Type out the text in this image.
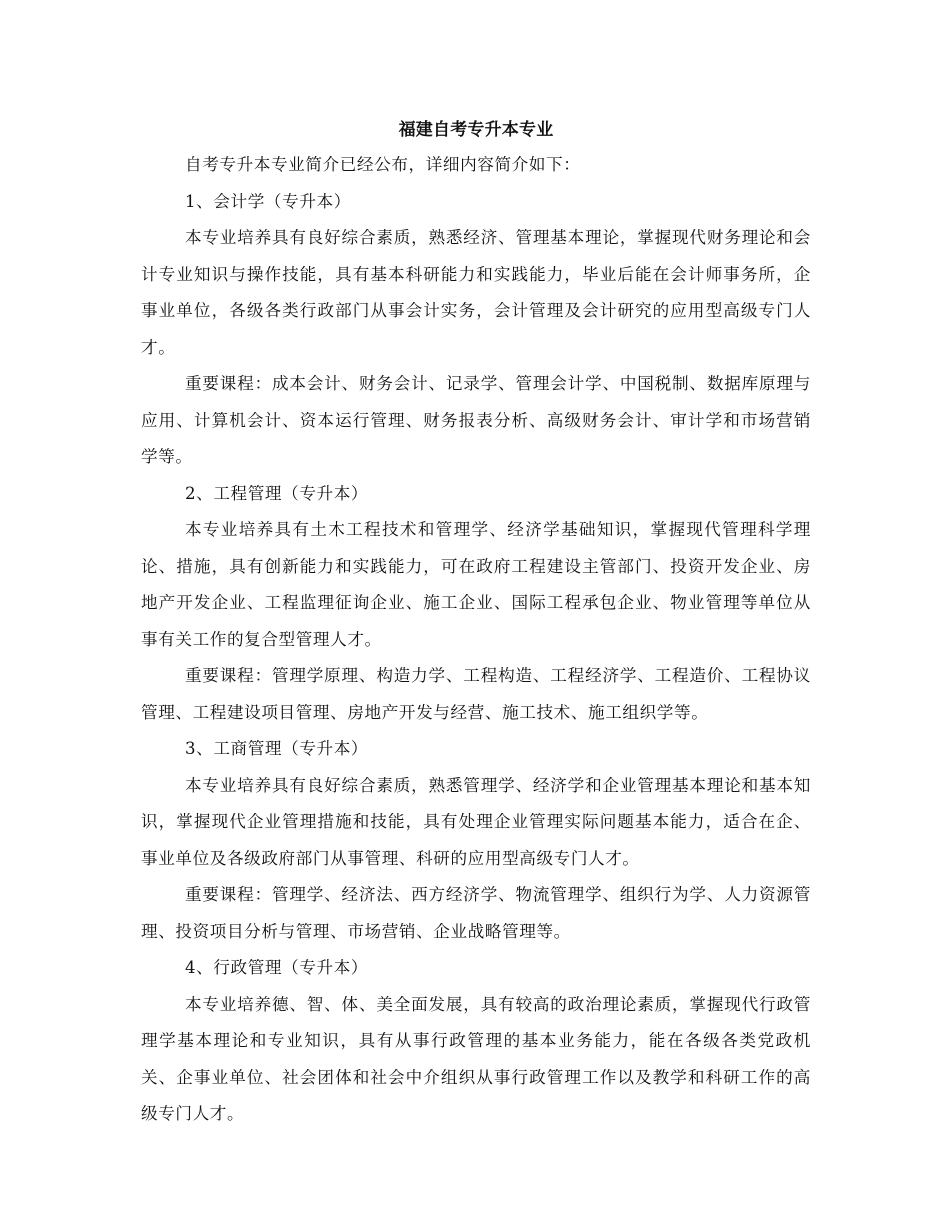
福建自考专升本专业

自考专升本专业简介已经公布，详细内容简介如下：

1、会计学（专升本）

本专业培养具有良好综合素质，熟悉经济、管理基本理论，掌握现代财务理论和会计专业知识与操作技能，具有基本科研能力和实践能力，毕业后能在会计师事务所，企事业单位，各级各类行政部门从事会计实务，会计管理及会计研究的应用型高级专门人才。

重要课程：成本会计、财务会计、记录学、管理会计学、中国税制、数据库原理与应用、计算机会计、资本运行管理、财务报表分析、高级财务会计、审计学和市场营销学等。

2、工程管理（专升本）

本专业培养具有土木工程技术和管理学、经济学基础知识，掌握现代管理科学理论、措施，具有创新能力和实践能力，可在政府工程建设主管部门、投资开发企业、房地产开发企业、工程监理征询企业、施工企业、国际工程承包企业、物业管理等单位从事有关工作的复合型管理人才。

重要课程：管理学原理、构造力学、工程构造、工程经济学、工程造价、工程协议管理、工程建设项目管理、房地产开发与经营、施工技术、施工组织学等。

3、工商管理（专升本）

本专业培养具有良好综合素质，熟悉管理学、经济学和企业管理基本理论和基本知识，掌握现代企业管理措施和技能，具有处理企业管理实际问题基本能力，适合在企、事业单位及各级政府部门从事管理、科研的应用型高级专门人才。

重要课程：管理学、经济法、西方经济学、物流管理学、组织行为学、人力资源管理、投资项目分析与管理、市场营销、企业战略管理等。

4、行政管理（专升本）

本专业培养德、智、体、美全面发展，具有较高的政治理论素质，掌握现代行政管理学基本理论和专业知识，具有从事行政管理的基本业务能力，能在各级各类党政机关、企事业单位、社会团体和社会中介组织从事行政管理工作以及教学和科研工作的高级专门人才。
